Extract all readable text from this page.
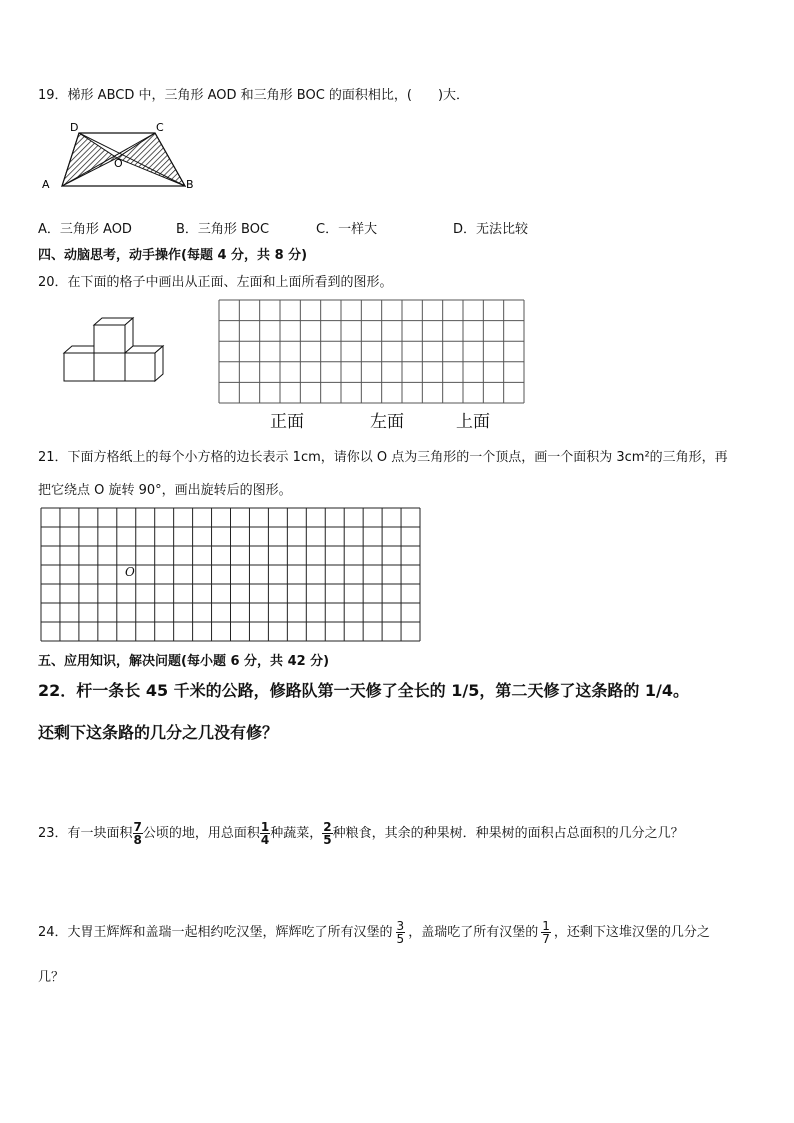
19．梯形 ABCD 中，三角形 AOD 和三角形 BOC 的面积相比，(　　)大．
D	C
O
A	B
A．三角形 AOD	B．三角形 BOC	C．一样大	D．无法比较
四、动脑思考，动手操作(每题 4 分，共 8 分)
20．在下面的格子中画出从正面、左面和上面所看到的图形。
正面	左面	上面
21．下面方格纸上的每个小方格的边长表示 1cm，请你以 O 点为三角形的一个顶点，画一个面积为 3cm²的三角形，再
把它绕点 O 旋转 90°，画出旋转后的图形。
O
五、应用知识，解决问题(每小题 6 分，共 42 分)
22．杆一条长 45 千米的公路，修路队第一天修了全长的 1/5，第二天修了这条路的 1/4。
还剩下这条路的几分之几没有修？
23．有一块面积 $\frac{7}{8}$ 公顷的地，用总面积 $\frac{1}{4}$ 种蔬菜， $\frac{2}{5}$ 种粮食，其余的种果树．种果树的面积占总面积的几分之几？
24．大胃王辉辉和盖瑞一起相约吃汉堡，辉辉吃了所有汉堡的 $\frac{3}{5}$ ，盖瑞吃了所有汉堡的 $\frac{1}{7}$ ，还剩下这堆汉堡的几分之
几？
